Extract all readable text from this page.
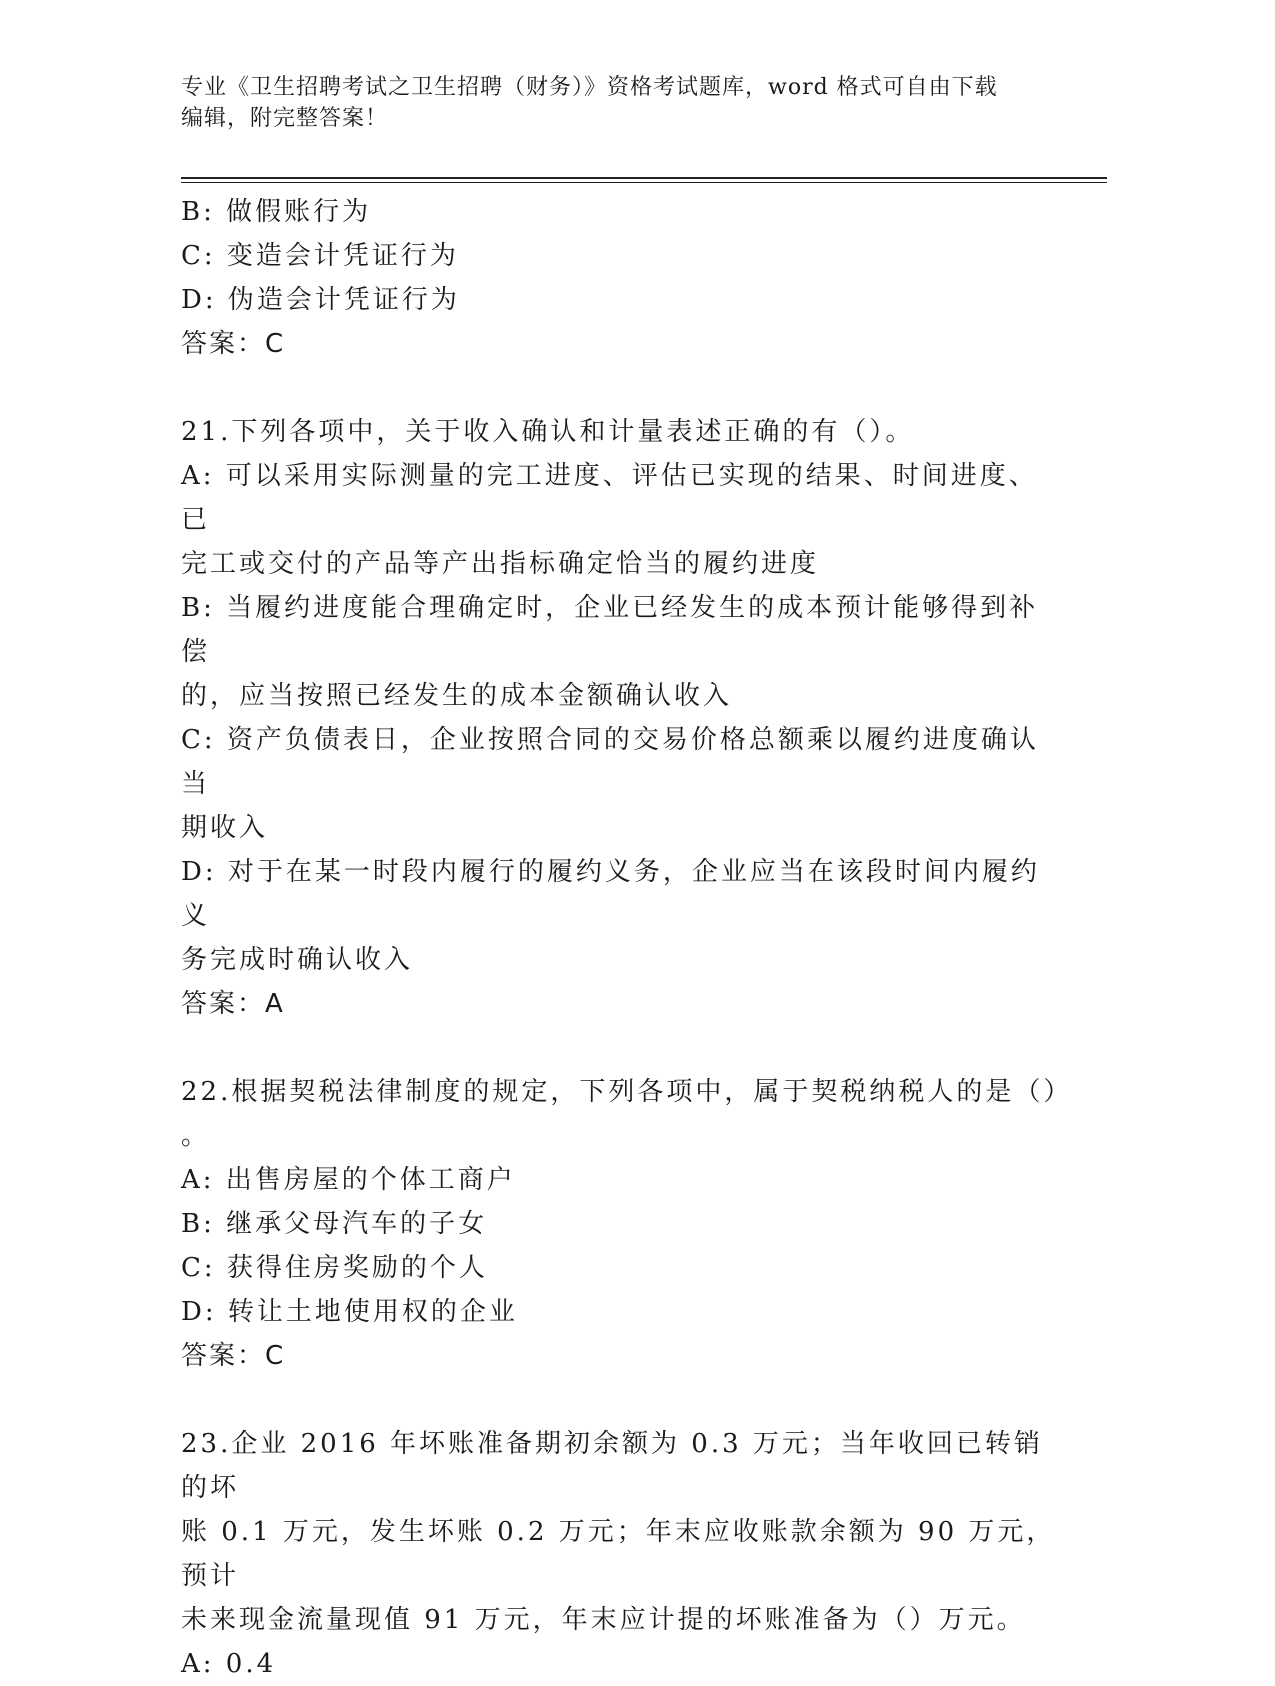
专业《卫生招聘考试之卫生招聘（财务）》资格考试题库，word 格式可自由下载
编辑，附完整答案！
B: 做假账行为
C: 变造会计凭证行为
D: 伪造会计凭证行为
答案：C
21.下列各项中，关于收入确认和计量表述正确的有（）。
A: 可以采用实际测量的完工进度、评估已实现的结果、时间进度、已
完工或交付的产品等产出指标确定恰当的履约进度
B: 当履约进度能合理确定时，企业已经发生的成本预计能够得到补偿
的，应当按照已经发生的成本金额确认收入
C: 资产负债表日，企业按照合同的交易价格总额乘以履约进度确认当
期收入
D: 对于在某一时段内履行的履约义务，企业应当在该段时间内履约义
务完成时确认收入
答案：A
22.根据契税法律制度的规定，下列各项中，属于契税纳税人的是（）
。
A: 出售房屋的个体工商户
B: 继承父母汽车的子女
C: 获得住房奖励的个人
D: 转让土地使用权的企业
答案：C
23.企业 2016 年坏账准备期初余额为 0.3 万元；当年收回已转销的坏
账 0.1 万元，发生坏账 0.2 万元；年末应收账款余额为 90 万元，预计
未来现金流量现值 91 万元，年末应计提的坏账准备为（）万元。
A: 0.4
